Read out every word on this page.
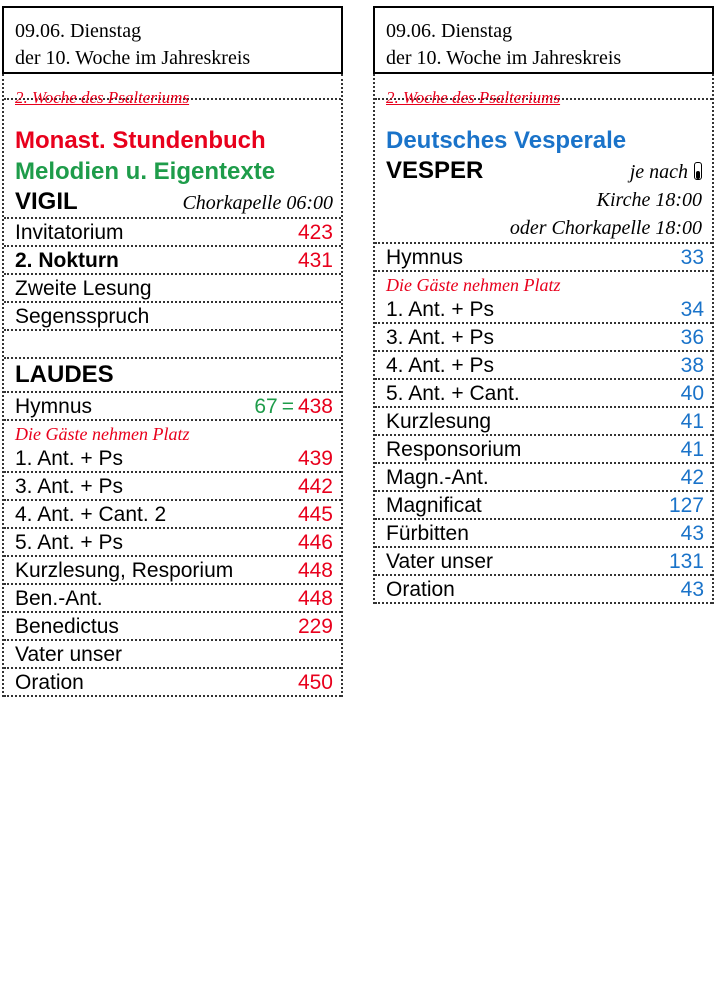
09.06. Dienstag
der 10. Woche im Jahreskreis
2. Woche des Psalteriums
Monast. Stundenbuch
Melodien u. Eigentexte
VIGIL	Chorkapelle 06:00
Invitatorium	423
2. Nokturn	431
Zweite Lesung
Segensspruch
LAUDES
Hymnus	67 = 438
Die Gäste nehmen Platz
1. Ant. + Ps	439
3. Ant. + Ps	442
4. Ant. + Cant. 2	445
5. Ant. + Ps	446
Kurzlesung, Resporium	448
Ben.-Ant.	448
Benedictus	229
Vater unser
Oration	450
09.06. Dienstag
der 10. Woche im Jahreskreis
2. Woche des Psalteriums
Deutsches Vesperale
VESPER	je nach
Kirche 18:00
oder Chorkapelle 18:00
Hymnus	33
Die Gäste nehmen Platz
1. Ant. + Ps	34
3. Ant. + Ps	36
4. Ant. + Ps	38
5. Ant. + Cant.	40
Kurzlesung	41
Responsorium	41
Magn.-Ant.	42
Magnificat	127
Fürbitten	43
Vater unser	131
Oration	43
